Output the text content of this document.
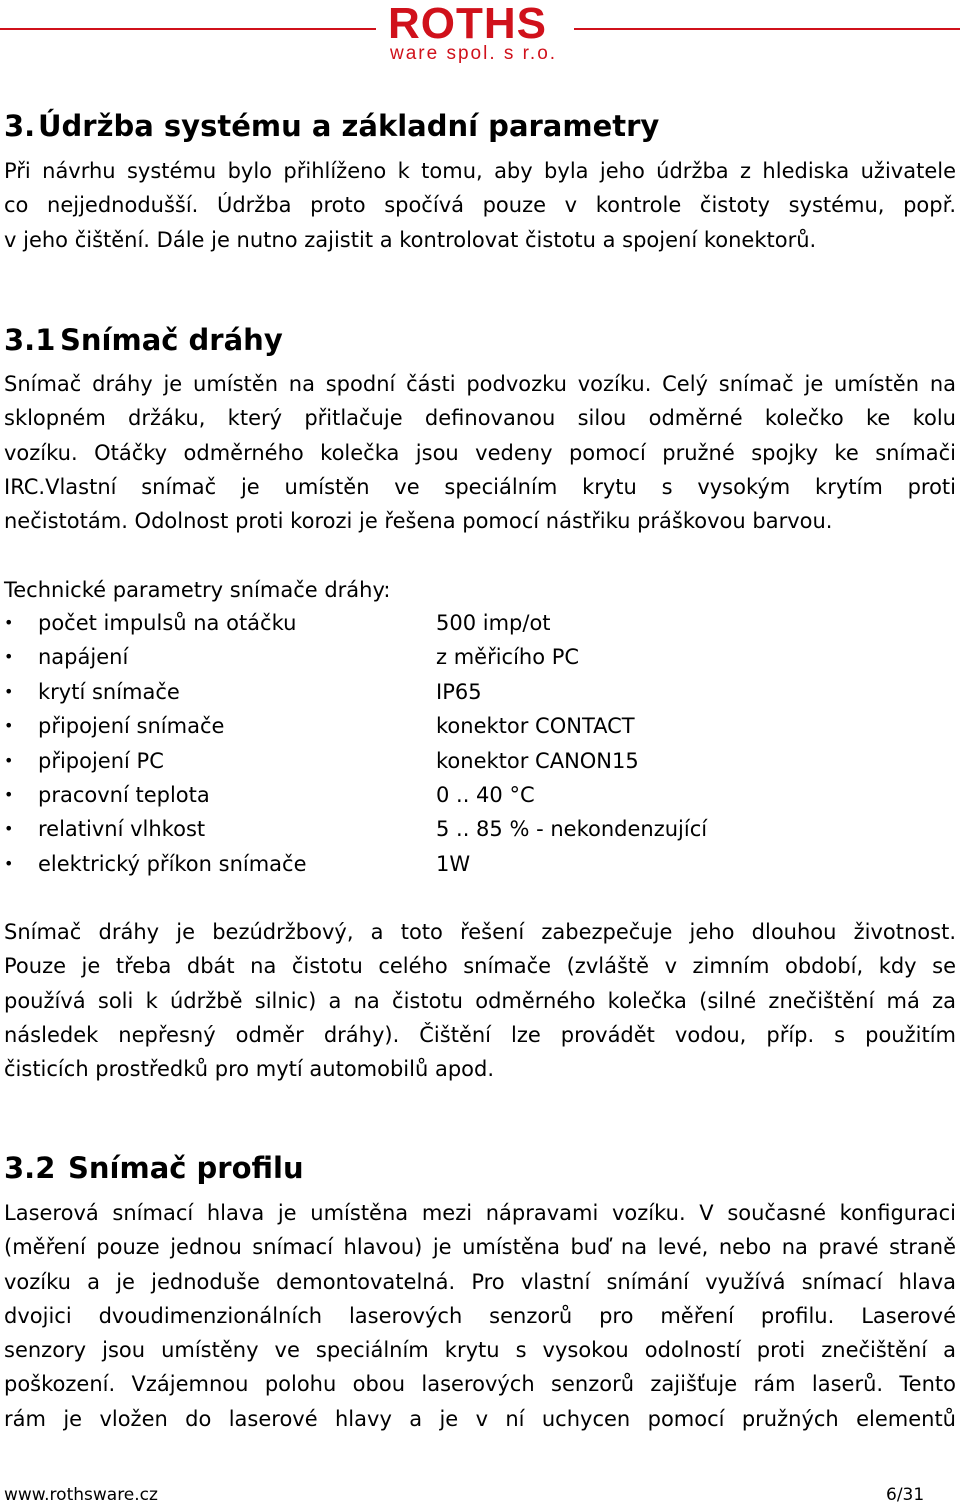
ROTHS
ware spol. s r.o.
3.Údržba systému a základní parametry
Při návrhu systému bylo přihlíženo k tomu, aby byla jeho údržba z hlediska uživatele
co nejjednodušší. Údržba proto spočívá pouze v kontrole čistoty systému, popř.
v jeho čištění. Dále je nutno zajistit a kontrolovat čistotu a spojení konektorů.
3.1 Snímač dráhy
Snímač dráhy je umístěn na spodní části podvozku vozíku. Celý snímač je umístěn na
sklopném držáku, který přitlačuje definovanou silou odměrné kolečko ke kolu
vozíku. Otáčky odměrného kolečka jsou vedeny pomocí pružné spojky ke snímači
IRC.Vlastní snímač je umístěn ve speciálním krytu s vysokým krytím proti
nečistotám. Odolnost proti korozi je řešena pomocí nástřiku práškovou barvou.
Technické parametry snímače dráhy:
•	počet impulsů na otáčku	500 imp/ot
•	napájení	z měřicího PC
•	krytí snímače	IP65
•	připojení snímače	konektor CONTACT
•	připojení PC	konektor CANON15
•	pracovní teplota	0 .. 40 °C
•	relativní vlhkost	5 .. 85 % - nekondenzující
•	elektrický příkon snímače	1W
Snímač dráhy je bezúdržbový, a toto řešení zabezpečuje jeho dlouhou životnost.
Pouze je třeba dbát na čistotu celého snímače (zvláště v zimním období, kdy se
používá soli k údržbě silnic) a na čistotu odměrného kolečka (silné znečištění má za
následek nepřesný odměr dráhy). Čištění lze provádět vodou, příp. s použitím
čisticích prostředků pro mytí automobilů apod.
3.2 Snímač profilu
Laserová snímací hlava je umístěna mezi nápravami vozíku. V současné konfiguraci
(měření pouze jednou snímací hlavou) je umístěna buď na levé, nebo na pravé straně
vozíku a je jednoduše demontovatelná. Pro vlastní snímání využívá snímací hlava
dvojici dvoudimenzionálních laserových senzorů pro měření profilu. Laserové
senzory jsou umístěny ve speciálním krytu s vysokou odolností proti znečištění a
poškození. Vzájemnou polohu obou laserových senzorů zajišťuje rám laserů. Tento
rám je vložen do laserové hlavy a je v ní uchycen pomocí pružných elementů
www.rothsware.cz	6/31
